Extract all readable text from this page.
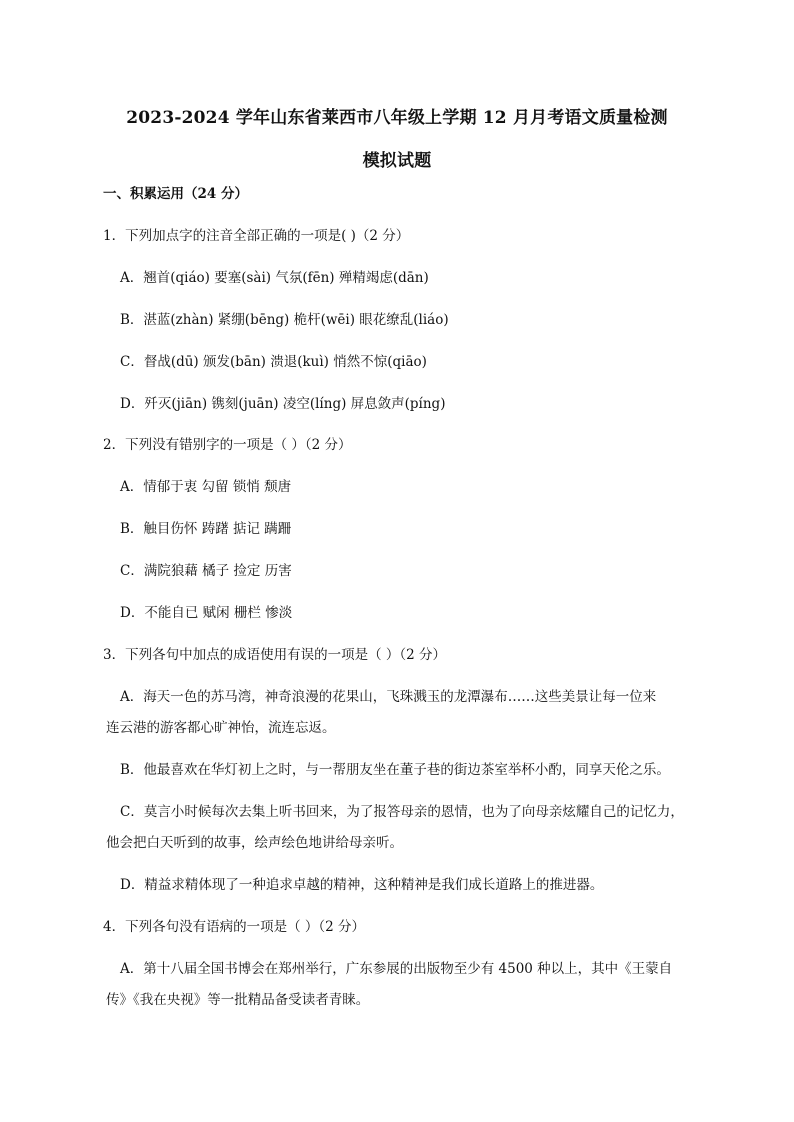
2023-2024 学年山东省莱西市八年级上学期 12 月月考语文质量检测
模拟试题
一、积累运用（24 分）
1．下列加点字的注音全部正确的一项是( )（2 分）
A．翘首(qiáo) 要塞(sài) 气氛(fēn) 殚精竭虑(dān)
B．湛蓝(zhàn) 紧绷(bēng) 桅杆(wēi) 眼花缭乱(liáo)
C．督战(dū) 颁发(bān) 溃退(kuì) 悄然不惊(qiāo)
D．歼灭(jiān) 镌刻(juān) 凌空(líng) 屏息敛声(píng)
2．下列没有错别字的一项是（ ）（2 分）
A．情郁于衷 勾留 锁悄 颓唐
B．触目伤怀 踌躇 掂记 蹒跚
C．满院狼藉 橘子 捡定 历害
D．不能自已 赋闲 栅栏 惨淡
3．下列各句中加点的成语使用有误的一项是（ ）（2 分）
A．海天一色的苏马湾，神奇浪漫的花果山，飞珠溅玉的龙潭瀑布……这些美景让每一位来
连云港的游客都心旷神怡，流连忘返。
B．他最喜欢在华灯初上之时，与一帮朋友坐在董子巷的街边茶室举杯小酌，同享天伦之乐。
C．莫言小时候每次去集上听书回来，为了报答母亲的恩情，也为了向母亲炫耀自己的记忆力，
他会把白天听到的故事，绘声绘色地讲给母亲听。
D．精益求精体现了一种追求卓越的精神，这种精神是我们成长道路上的推进器。
4．下列各句没有语病的一项是（ ）（2 分）
A．第十八届全国书博会在郑州举行，广东参展的出版物至少有 4500 种以上，其中《王蒙自
传》《我在央视》等一批精品备受读者青睐。
